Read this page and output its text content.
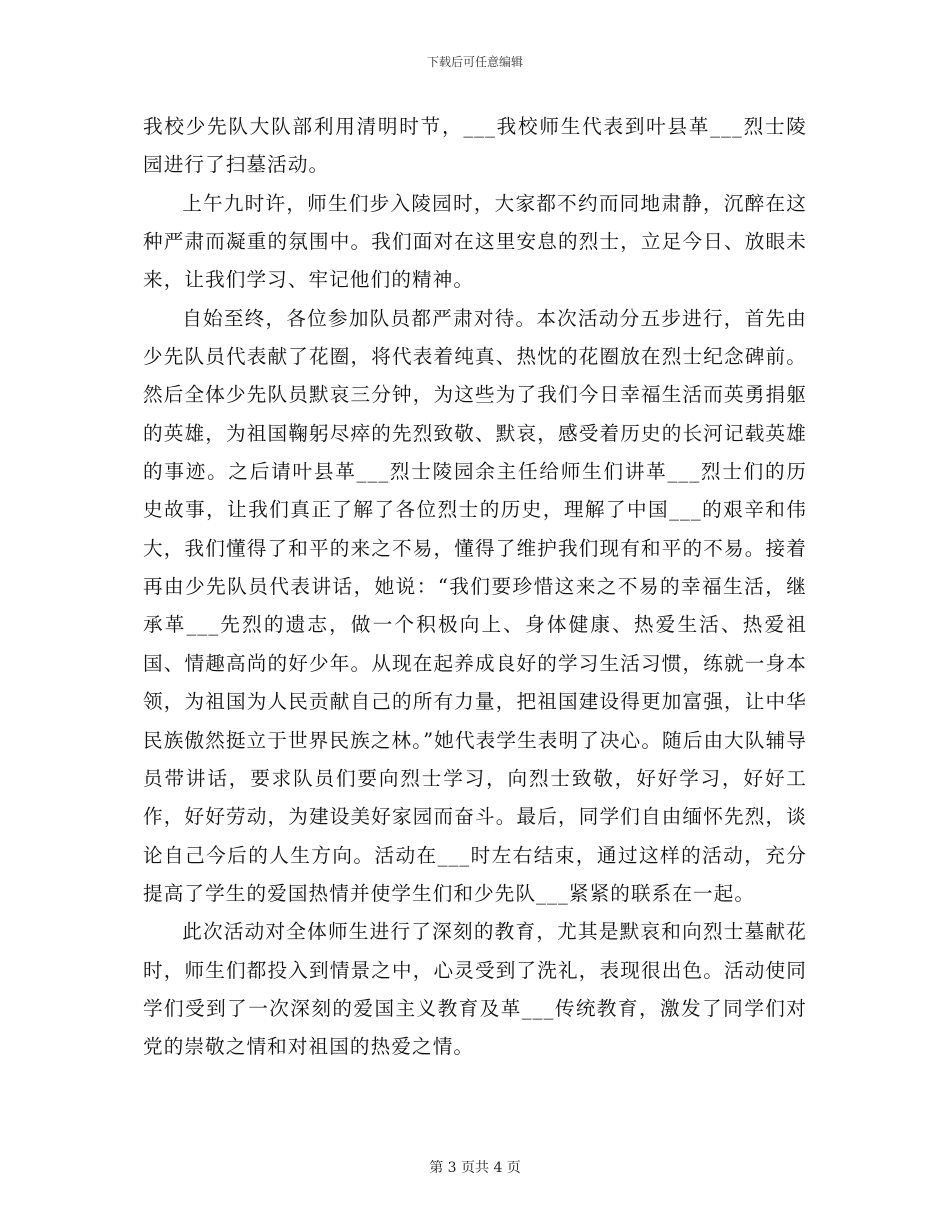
下载后可任意编辑

我校少先队大队部利用清明时节，___我校师生代表到叶县革___烈士陵园进行了扫墓活动。

上午九时许，师生们步入陵园时，大家都不约而同地肃静，沉醉在这种严肃而凝重的氛围中。我们面对在这里安息的烈士，立足今日、放眼未来，让我们学习、牢记他们的精神。

自始至终，各位参加队员都严肃对待。本次活动分五步进行，首先由少先队员代表献了花圈，将代表着纯真、热忱的花圈放在烈士纪念碑前。然后全体少先队员默哀三分钟，为这些为了我们今日幸福生活而英勇捐躯的英雄，为祖国鞠躬尽瘁的先烈致敬、默哀，感受着历史的长河记载英雄的事迹。之后请叶县革___烈士陵园余主任给师生们讲革___烈士们的历史故事，让我们真正了解了各位烈士的历史，理解了中国___的艰辛和伟大，我们懂得了和平的来之不易，懂得了维护我们现有和平的不易。接着再由少先队员代表讲话，她说：“我们要珍惜这来之不易的幸福生活，继承革___先烈的遗志，做一个积极向上、身体健康、热爱生活、热爱祖国、情趣高尚的好少年。从现在起养成良好的学习生活习惯，练就一身本领，为祖国为人民贡献自己的所有力量，把祖国建设得更加富强，让中华民族傲然挺立于世界民族之林。”她代表学生表明了决心。随后由大队辅导员带讲话，要求队员们要向烈士学习，向烈士致敬，好好学习，好好工作，好好劳动，为建设美好家园而奋斗。最后，同学们自由缅怀先烈，谈论自己今后的人生方向。活动在___时左右结束，通过这样的活动，充分提高了学生的爱国热情并使学生们和少先队___紧紧的联系在一起。

此次活动对全体师生进行了深刻的教育，尤其是默哀和向烈士墓献花时，师生们都投入到情景之中，心灵受到了洗礼，表现很出色。活动使同学们受到了一次深刻的爱国主义教育及革___传统教育，激发了同学们对党的崇敬之情和对祖国的热爱之情。

第 3 页共 4 页
